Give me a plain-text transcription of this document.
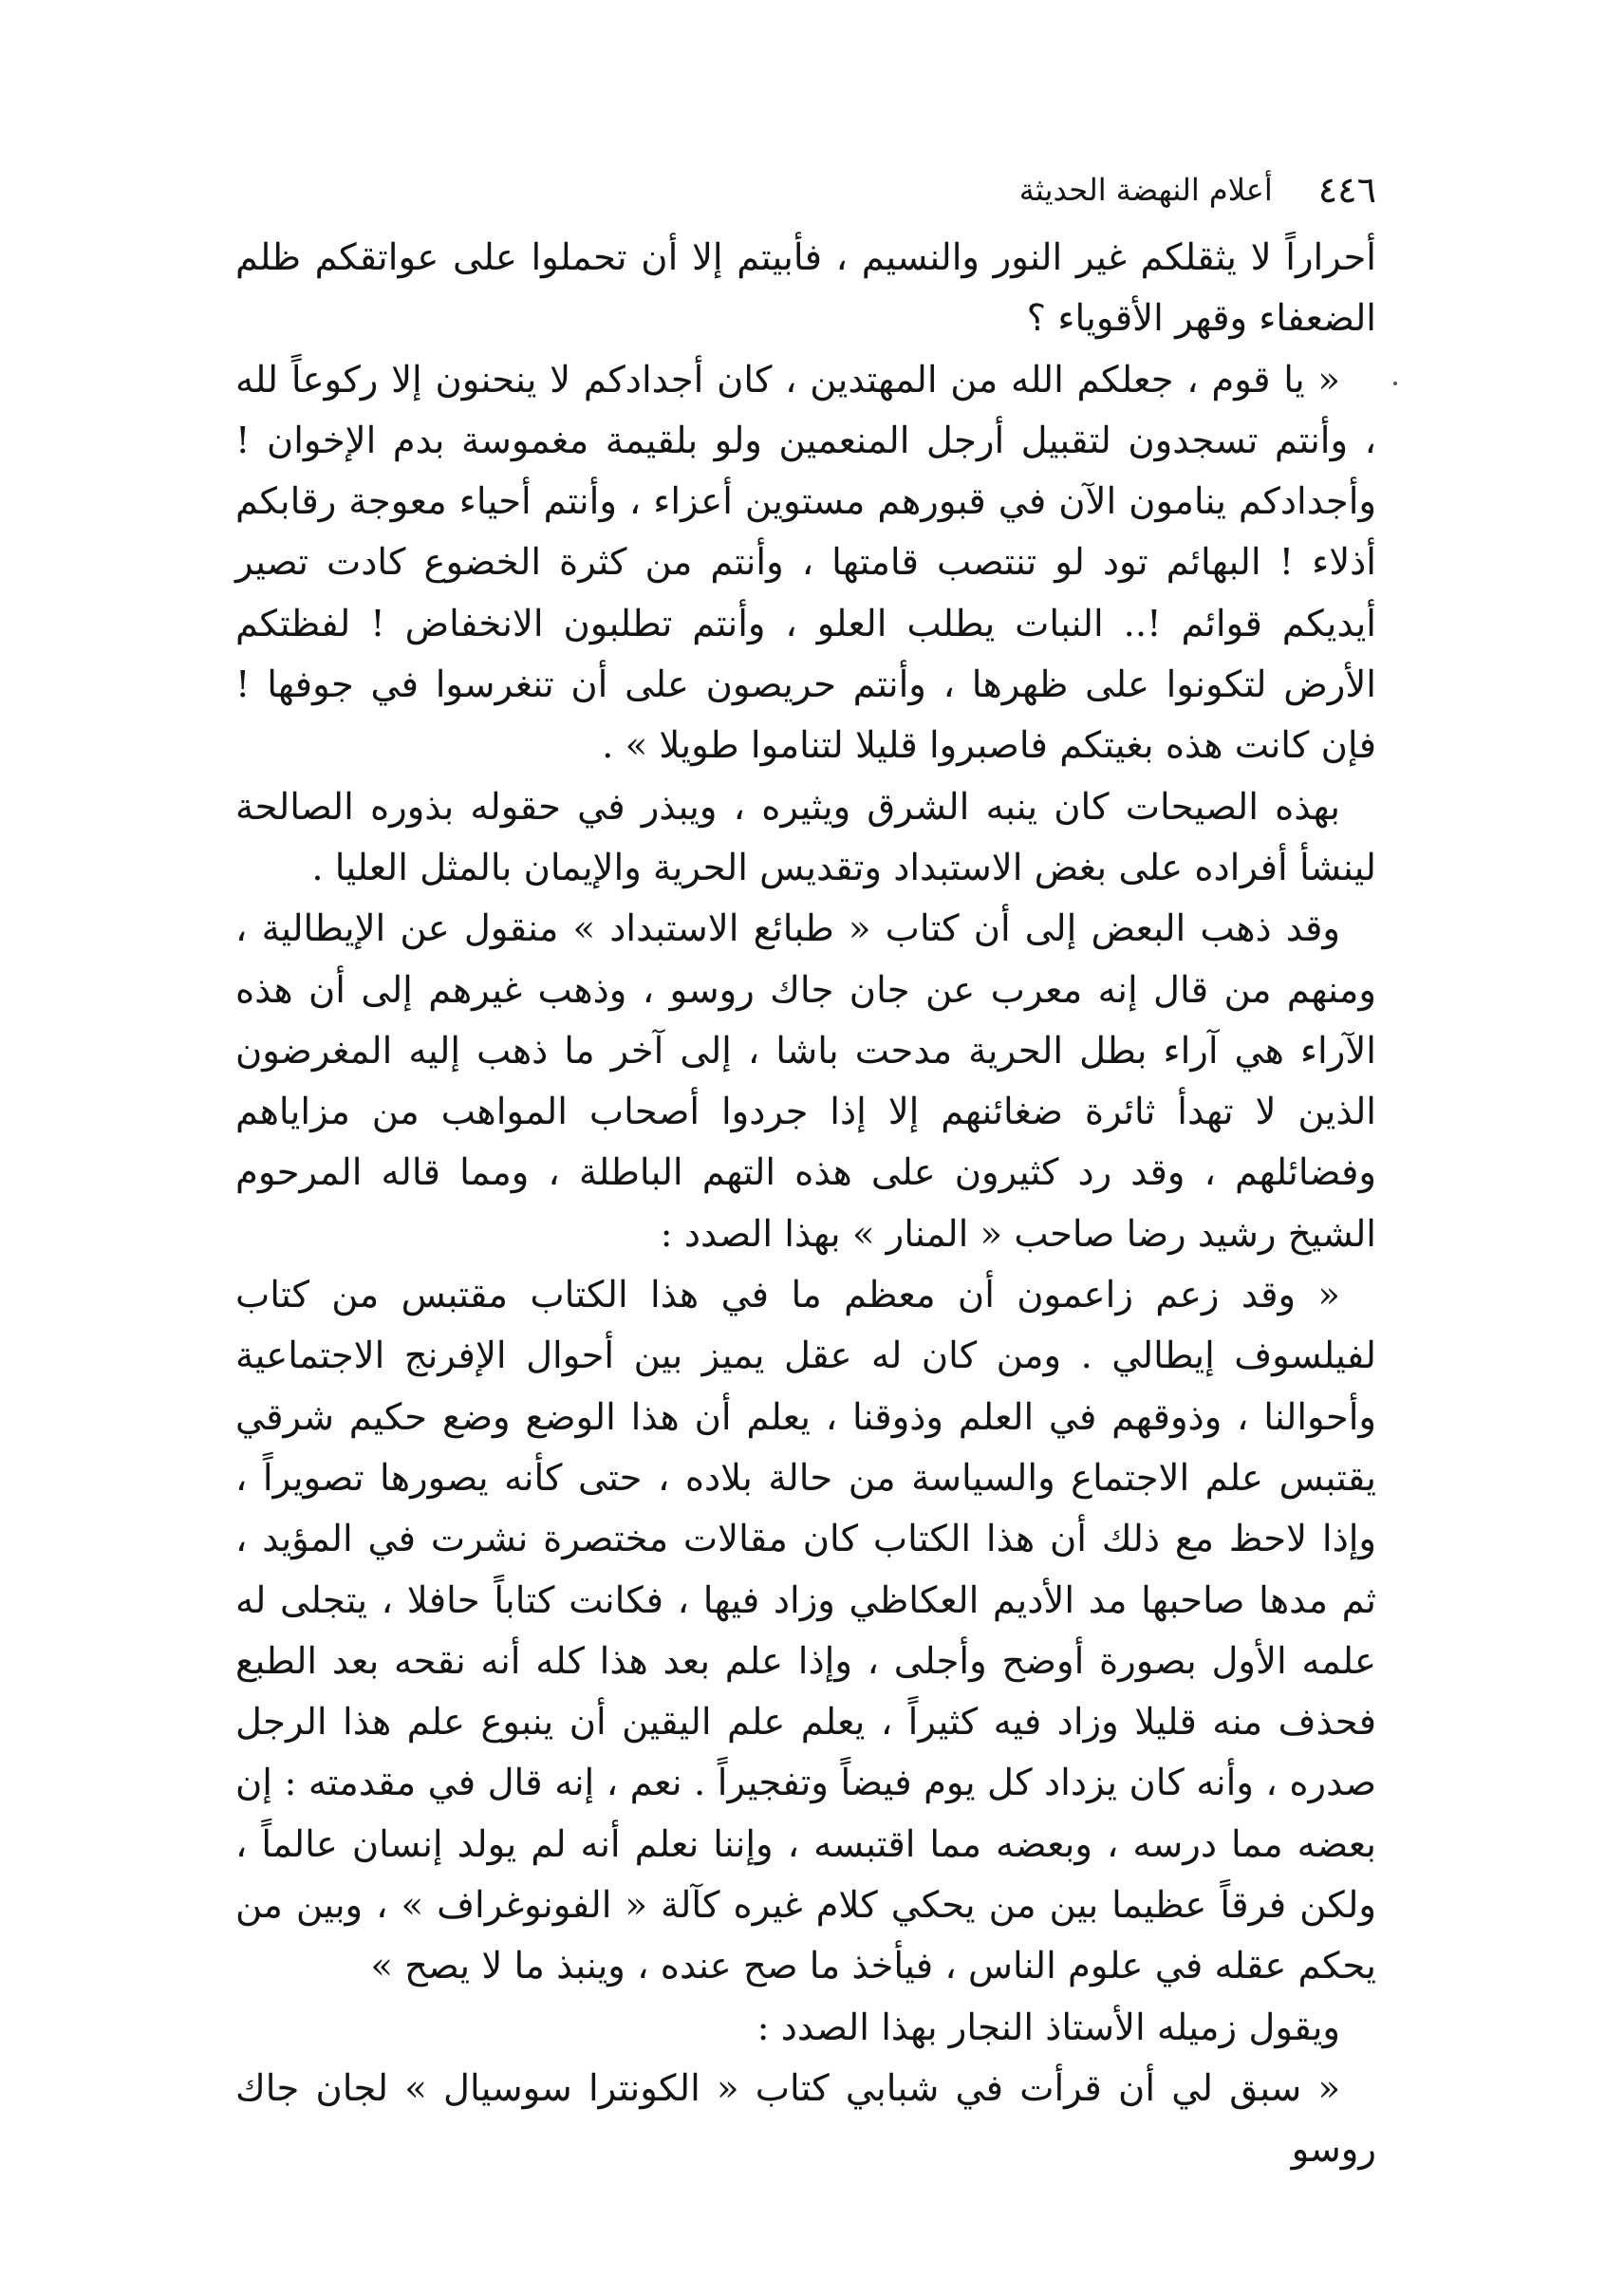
٤٤٦
أعلام النهضة الحديثة

أحراراً لا يثقلكم غير النور والنسيم ، فأبيتم إلا أن تحملوا على عواتقكم ظلم الضعفاء وقهر الأقوياء ؟

« يا قوم ، جعلكم الله من المهتدين ، كان أجدادكم لا ينحنون إلا ركوعاً لله ، وأنتم تسجدون لتقبيل أرجل المنعمين ولو بلقيمة مغموسة بدم الإخوان ! وأجدادكم ينامون الآن في قبورهم مستوين أعزاء ، وأنتم أحياء معوجة رقابكم أذلاء ! البهائم تود لو تنتصب قامتها ، وأنتم من كثرة الخضوع كادت تصير أيديكم قوائم !.. النبات يطلب العلو ، وأنتم تطلبون الانخفاض ! لفظتكم الأرض لتكونوا على ظهرها ، وأنتم حريصون على أن تنغرسوا في جوفها ! فإن كانت هذه بغيتكم فاصبروا قليلا لتناموا طويلا » .

بهذه الصيحات كان ينبه الشرق ويثيره ، ويبذر في حقوله بذوره الصالحة لينشأ أفراده على بغض الاستبداد وتقديس الحرية والإيمان بالمثل العليا .

وقد ذهب البعض إلى أن كتاب « طبائع الاستبداد » منقول عن الإيطالية ، ومنهم من قال إنه معرب عن جان جاك روسو ، وذهب غيرهم إلى أن هذه الآراء هي آراء بطل الحرية مدحت باشا ، إلى آخر ما ذهب إليه المغرضون الذين لا تهدأ ثائرة ضغائنهم إلا إذا جردوا أصحاب المواهب من مزاياهم وفضائلهم ، وقد رد كثيرون على هذه التهم الباطلة ، ومما قاله المرحوم الشيخ رشيد رضا صاحب « المنار » بهذا الصدد :

« وقد زعم زاعمون أن معظم ما في هذا الكتاب مقتبس من كتاب لفيلسوف إيطالي . ومن كان له عقل يميز بين أحوال الإفرنج الاجتماعية وأحوالنا ، وذوقهم في العلم وذوقنا ، يعلم أن هذا الوضع وضع حكيم شرقي يقتبس علم الاجتماع والسياسة من حالة بلاده ، حتى كأنه يصورها تصويراً ، وإذا لاحظ مع ذلك أن هذا الكتاب كان مقالات مختصرة نشرت في المؤيد ، ثم مدها صاحبها مد الأديم العكاظي وزاد فيها ، فكانت كتاباً حافلا ، يتجلى له علمه الأول بصورة أوضح وأجلى ، وإذا علم بعد هذا كله أنه نقحه بعد الطبع فحذف منه قليلا وزاد فيه كثيراً ، يعلم علم اليقين أن ينبوع علم هذا الرجل صدره ، وأنه كان يزداد كل يوم فيضاً وتفجيراً . نعم ، إنه قال في مقدمته : إن بعضه مما درسه ، وبعضه مما اقتبسه ، وإننا نعلم أنه لم يولد إنسان عالماً ، ولكن فرقاً عظيما بين من يحكي كلام غيره كآلة « الفونوغراف » ، وبين من يحكم عقله في علوم الناس ، فيأخذ ما صح عنده ، وينبذ ما لا يصح »

ويقول زميله الأستاذ النجار بهذا الصدد :

« سبق لي أن قرأت في شبابي كتاب « الكونترا سوسيال » لجان جاك روسو
